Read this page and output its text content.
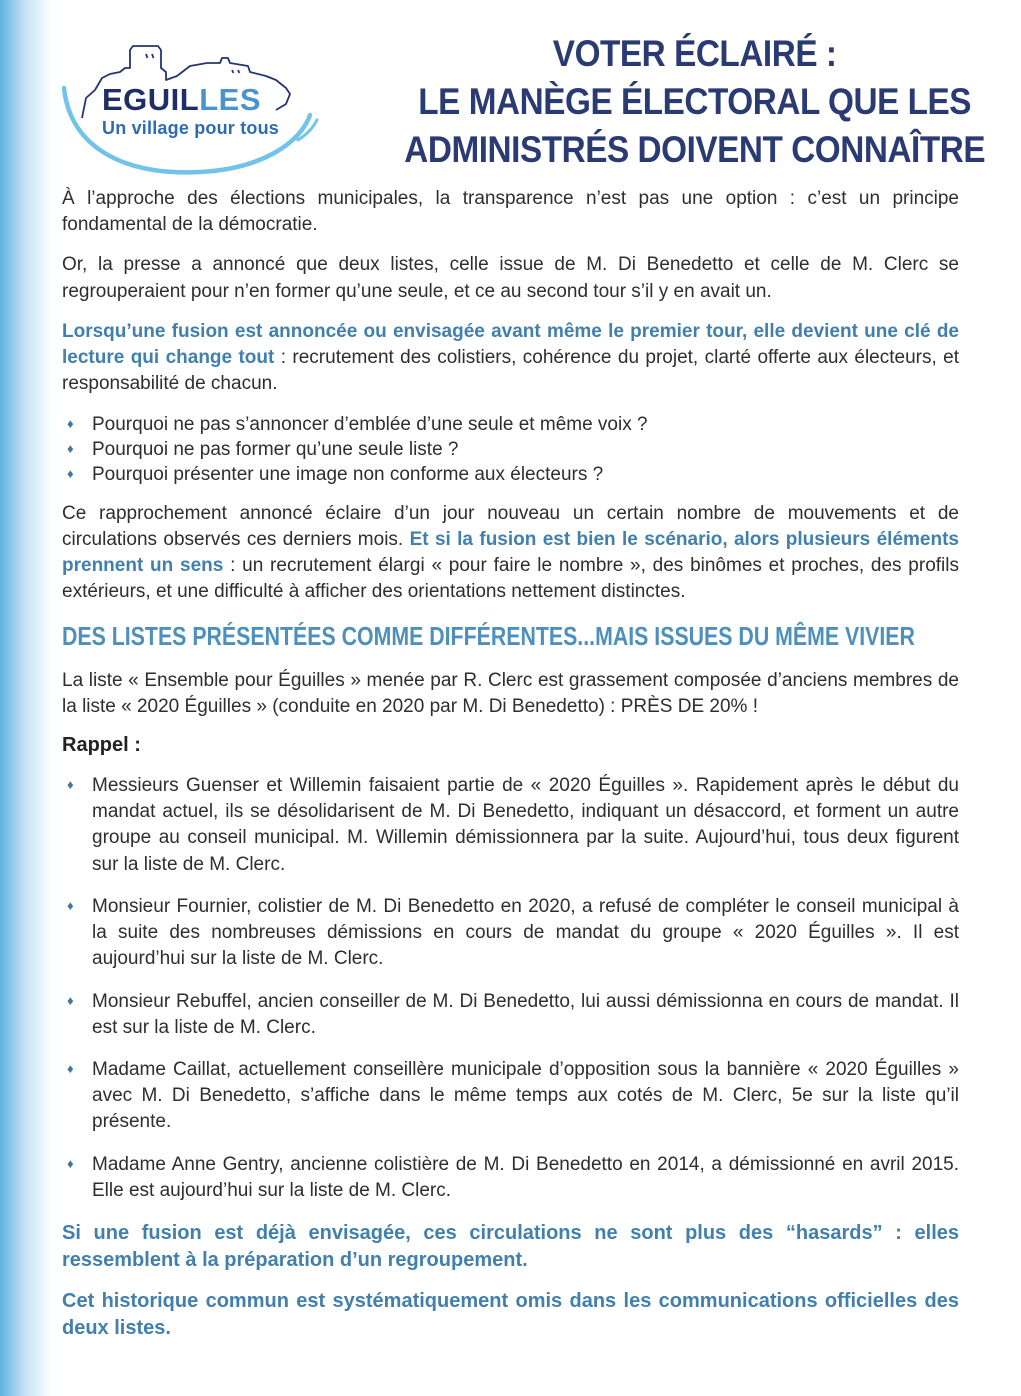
EGUILLES
Un village pour tous
VOTER ÉCLAIRÉ :
LE MANÈGE ÉLECTORAL QUE LES
ADMINISTRÉS DOIVENT CONNAÎTRE

À l’approche des élections municipales, la transparence n’est pas une option : c’est un principe fondamental de la démocratie.

Or, la presse a annoncé que deux listes, celle issue de M. Di Benedetto et celle de M. Clerc se regrouperaient pour n’en former qu’une seule, et ce au second tour s’il y en avait un.

Lorsqu’une fusion est annoncée ou envisagée avant même le premier tour, elle devient une clé de lecture qui change tout : recrutement des colistiers, cohérence du projet, clarté offerte aux électeurs, et responsabilité de chacun.

♦ Pourquoi ne pas s’annoncer d’emblée d’une seule et même voix ?
♦ Pourquoi ne pas former qu’une seule liste ?
♦ Pourquoi présenter une image non conforme aux électeurs ?

Ce rapprochement annoncé éclaire d’un jour nouveau un certain nombre de mouvements et de circulations observés ces derniers mois. Et si la fusion est bien le scénario, alors plusieurs éléments prennent un sens : un recrutement élargi « pour faire le nombre », des binômes et proches, des profils extérieurs, et une difficulté à afficher des orientations nettement distinctes.

DES LISTES PRÉSENTÉES COMME DIFFÉRENTES...MAIS ISSUES DU MÊME VIVIER

La liste « Ensemble pour Éguilles » menée par R. Clerc est grassement composée d’anciens membres de la liste « 2020 Éguilles » (conduite en 2020 par M. Di Benedetto) : PRÈS DE 20% !

Rappel :

♦ Messieurs Guenser et Willemin faisaient partie de « 2020 Éguilles ». Rapidement après le début du mandat actuel, ils se désolidarisent de M. Di Benedetto, indiquant un désaccord, et forment un autre groupe au conseil municipal. M. Willemin démissionnera par la suite. Aujourd’hui, tous deux figurent sur la liste de M. Clerc.
♦ Monsieur Fournier, colistier de M. Di Benedetto en 2020, a refusé de compléter le conseil municipal à la suite des nombreuses démissions en cours de mandat du groupe « 2020 Éguilles ». Il est aujourd’hui sur la liste de M. Clerc.
♦ Monsieur Rebuffel, ancien conseiller de M. Di Benedetto, lui aussi démissionna en cours de mandat. Il est sur la liste de M. Clerc.
♦ Madame Caillat, actuellement conseillère municipale d’opposition sous la bannière « 2020 Éguilles » avec M. Di Benedetto, s’affiche dans le même temps aux cotés de M. Clerc, 5e sur la liste qu’il présente.
♦ Madame Anne Gentry, ancienne colistière de M. Di Benedetto en 2014, a démissionné en avril 2015. Elle est aujourd’hui sur la liste de M. Clerc.

Si une fusion est déjà envisagée, ces circulations ne sont plus des “hasards” : elles ressemblent à la préparation d’un regroupement.

Cet historique commun est systématiquement omis dans les communications officielles des deux listes.
